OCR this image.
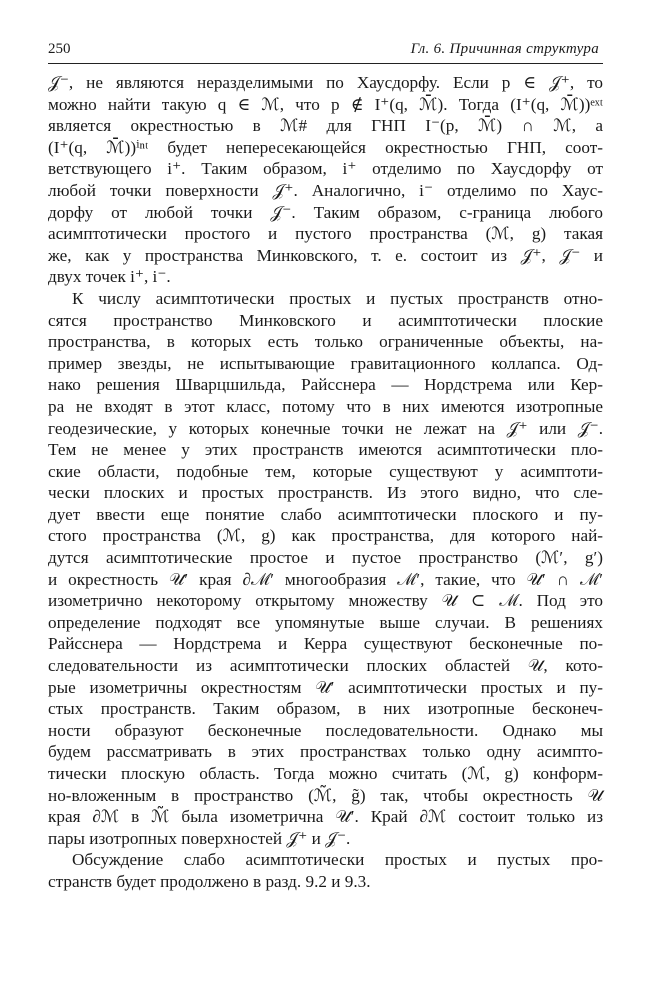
250	Гл. 6. Причинная структура
𝒥⁻, не являются неразделимыми по Хаусдорфу. Если p ∈ 𝒥⁺, то
можно найти такую q ∈ ℳ, что p ∉ I⁺(q, ℳ̄). Тогда (I⁺(q, ℳ̄))ᵉˣᵗ
является окрестностью в ℳ# для ГНП I⁻(p, ℳ̄) ∩ ℳ, а
(I⁺(q, ℳ̄))ⁱⁿᵗ будет непересекающейся окрестностью ГНП, соот-
ветствующего i⁺. Таким образом, i⁺ отделимо по Хаусдорфу от
любой точки поверхности 𝒥⁺. Аналогично, i⁻ отделимо по Хаус-
дорфу от любой точки 𝒥⁻. Таким образом, c-граница любого
асимптотически простого и пустого пространства (ℳ, g) такая
же, как у пространства Минковского, т. е. состоит из 𝒥⁺, 𝒥⁻ и
двух точек i⁺, i⁻.
К числу асимптотически простых и пустых пространств отно-
сятся пространство Минковского и асимптотически плоские
пространства, в которых есть только ограниченные объекты, на-
пример звезды, не испытывающие гравитационного коллапса. Од-
нако решения Шварцшильда, Райсснера — Нордстрема или Кер-
ра не входят в этот класс, потому что в них имеются изотропные
геодезические, у которых конечные точки не лежат на 𝒥⁺ или 𝒥⁻.
Тем не менее у этих пространств имеются асимптотически пло-
ские области, подобные тем, которые существуют у асимптоти-
чески плоских и простых пространств. Из этого видно, что сле-
дует ввести еще понятие слабо асимптотически плоского и пу-
стого пространства (ℳ, g) как пространства, для которого най-
дутся асимптотические простое и пустое пространство (ℳ′, g′)
и окрестность 𝒰′ края ∂ℳ′ многообразия ℳ′, такие, что 𝒰′ ∩ ℳ′
изометрично некоторому открытому множеству 𝒰 ⊂ ℳ. Под это
определение подходят все упомянутые выше случаи. В решениях
Райсснера — Нордстрема и Керра существуют бесконечные по-
следовательности из асимптотически плоских областей 𝒰, кото-
рые изометричны окрестностям 𝒰′ асимптотически простых и пу-
стых пространств. Таким образом, в них изотропные бесконеч-
ности образуют бесконечные последовательности. Однако мы
будем рассматривать в этих пространствах только одну асимпто-
тически плоскую область. Тогда можно считать (ℳ, g) конформ-
но-вложенным в пространство (ℳ̃, g̃) так, чтобы окрестность 𝒰
края ∂ℳ в ℳ̃ была изометрична 𝒰′. Край ∂ℳ состоит только из
пары изотропных поверхностей 𝒥⁺ и 𝒥⁻.
Обсуждение слабо асимптотически простых и пустых про-
странств будет продолжено в разд. 9.2 и 9.3.
